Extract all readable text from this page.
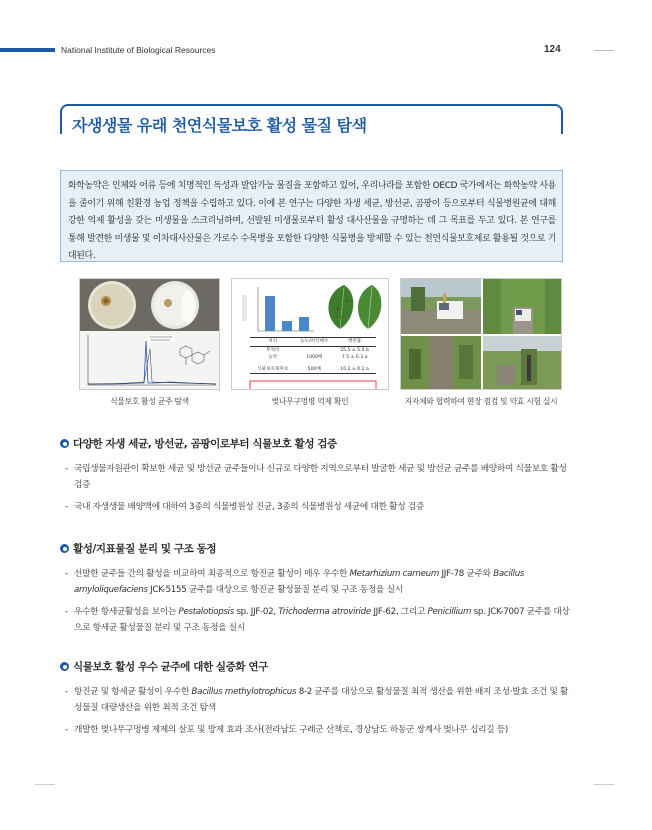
National Institute of Biological Resources	124
자생생물 유래 천연식물보호 활성 물질 탐색

화학농약은 인체와 어류 등에 치명적인 독성과 발암가능 물질을 포함하고 있어, 우리나라를 포함한 OECD 국가에서는 화학농약 사용을 줄이기 위해 친환경 농업 정책을 수립하고 있다. 이에 본 연구는 다양한 자생 세균, 방선균, 곰팡이 등으로부터 식물병원균에 대해 강한 억제 활성을 갖는 미생물을 스크리닝하며, 선발된 미생물로부터 활성 대사산물을 규명하는 데 그 목표를 두고 있다. 본 연구를 통해 발견한 미생물 및 이차대사산물은 가로수 수목병을 포함한 다양한 식물병을 방제할 수 있는 천연식물보호제로 활용될 것으로 기대된다.

식물보호 활성 균주 탐색
처리	농도/희석배수	병반률
무처리	-	25.5 ± 5.0 b
농약	1000배	7.5 ± 0.3 a
식물보호제후보	500배	10.2 ± 0.2 a
벚나무구멍병 억제 확인	지자체와 협력하여 현장 점검 및 약효 시험 실시
다양한 자생 세균, 방선균, 곰팡이로부터 식물보호 활성 검증
- 국립생물자원관이 확보한 세균 및 방선균 균주들이나 신규로 다양한 지역으로부터 발굴한 세균 및 방선균 균주를 배양하여 식물보호 활성 검증
- 국내 자생생물 배양액에 대하여 3종의 식물병원성 진균, 3종의 식물병원성 세균에 대한 활성 검증
활성/지표물질 분리 및 구조 동정
- 선발한 균주들 간의 활성을 비교하여 최종적으로 항진균 활성이 매우 우수한 Metarhizium carneum JJF-78 균주와 Bacillus amyloliquefaciens JCK-5155 균주를 대상으로 항진균 활성물질 분리 및 구조 동정을 실시
- 우수한 항세균활성을 보이는 Pestalotiopsis sp. JJF-02, Trichoderma atroviride JJF-62, 그리고 Penicillium sp. JCK-7007 균주를 대상으로 항세균 활성물질 분리 및 구조 동정을 실시
식물보호 활성 우수 균주에 대한 실증화 연구
- 항진균 및 항세균 활성이 우수한 Bacillus methylotrophicus 8-2 균주를 대상으로 활성물질 최적 생산을 위한 배지 조성·발효 조건 및 활성물질 대량생산을 위한 최적 조건 탐색
- 개발한 벚나무구멍병 제제의 살포 및 방제 효과 조사(전라남도 구례군 산책로, 경상남도 하동군 쌍계사 벚나무 십리길 등)
